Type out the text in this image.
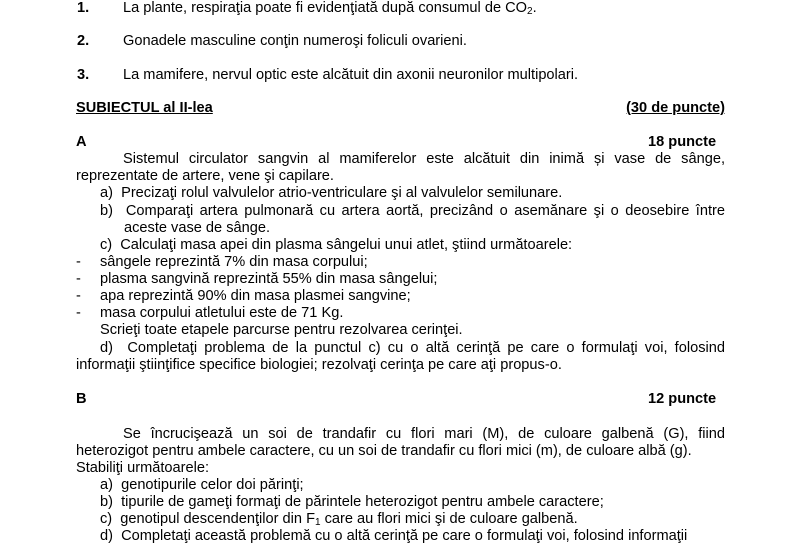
1. La plante, respiraţia poate fi evidenţiată după consumul de $CO_2$.
2. Gonadele masculine conţin numeroşi foliculi ovarieni.
3. La mamifere, nervul optic este alcătuit din axonii neuronilor multipolari.
SUBIECTUL al II-lea	(30 de puncte)
A	18 puncte
Sistemul circulator sangvin al mamiferelor este alcătuit din inimă și vase de sânge,
reprezentate de artere, vene şi capilare.
a)  Precizaţi rolul valvulelor atrio-ventriculare şi al valvulelor semilunare.
b)  Comparaţi artera pulmonară cu artera aortă, precizând o asemănare şi o deosebire între
aceste vase de sânge.
c)  Calculaţi masa apei din plasma sângelui unui atlet, ştiind următoarele:
- sângele reprezintă 7% din masa corpului;
- plasma sangvină reprezintă 55% din masa sângelui;
- apa reprezintă 90% din masa plasmei sangvine;
- masa corpului atletului este de 71 Kg.
Scrieţi toate etapele parcurse pentru rezolvarea cerinţei.
d)  Completaţi problema de la punctul c) cu o altă cerinţă pe care o formulaţi voi, folosind
informaţii ştiinţifice specifice biologiei; rezolvaţi cerinţa pe care aţi propus-o.
B	12 puncte
Se încrucişează un soi de trandafir cu flori mari (M), de culoare galbenă (G), fiind
heterozigot pentru ambele caractere, cu un soi de trandafir cu flori mici (m), de culoare albă (g).
Stabiliţi următoarele:
a)  genotipurile celor doi părinţi;
b)  tipurile de gameţi formaţi de părintele heterozigot pentru ambele caractere;
c)  genotipul descendenţilor din $F_1$ care au flori mici şi de culoare galbenă.
d)  Completaţi această problemă cu o altă cerinţă pe care o formulaţi voi, folosind informaţii
